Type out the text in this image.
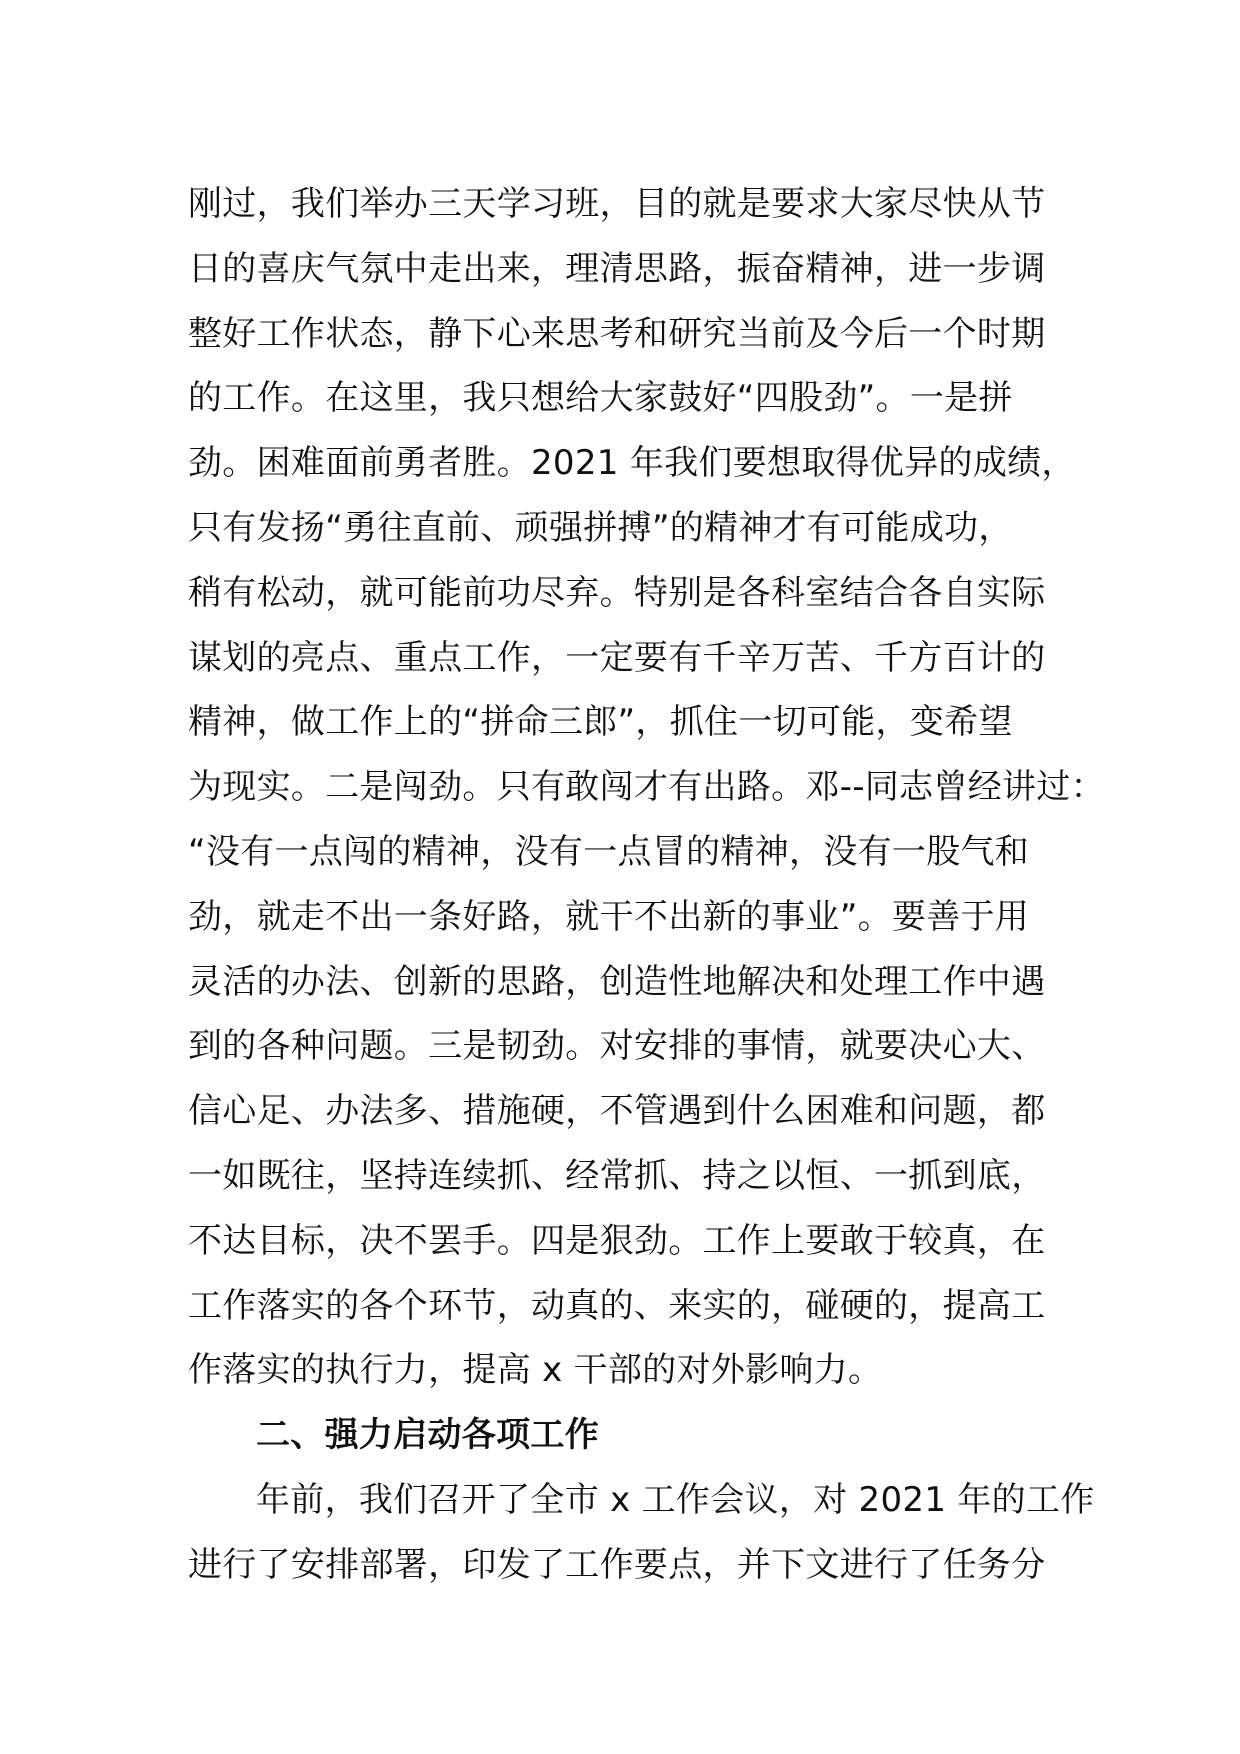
刚过，我们举办三天学习班，目的就是要求大家尽快从节
日的喜庆气氛中走出来，理清思路，振奋精神，进一步调
整好工作状态，静下心来思考和研究当前及今后一个时期
的工作。在这里，我只想给大家鼓好“四股劲”。一是拼
劲。困难面前勇者胜。2021 年我们要想取得优异的成绩，
只有发扬“勇往直前、顽强拼搏”的精神才有可能成功，
稍有松动，就可能前功尽弃。特别是各科室结合各自实际
谋划的亮点、重点工作，一定要有千辛万苦、千方百计的
精神，做工作上的“拼命三郎”，抓住一切可能，变希望
为现实。二是闯劲。只有敢闯才有出路。邓--同志曾经讲过：
“没有一点闯的精神，没有一点冒的精神，没有一股气和
劲，就走不出一条好路，就干不出新的事业”。要善于用
灵活的办法、创新的思路，创造性地解决和处理工作中遇
到的各种问题。三是韧劲。对安排的事情，就要决心大、
信心足、办法多、措施硬，不管遇到什么困难和问题，都
一如既往，坚持连续抓、经常抓、持之以恒、一抓到底，
不达目标，决不罢手。四是狠劲。工作上要敢于较真，在
工作落实的各个环节，动真的、来实的，碰硬的，提高工
作落实的执行力，提高 x 干部的对外影响力。
二、强力启动各项工作
年前，我们召开了全市 x 工作会议，对 2021 年的工作
进行了安排部署，印发了工作要点，并下文进行了任务分
